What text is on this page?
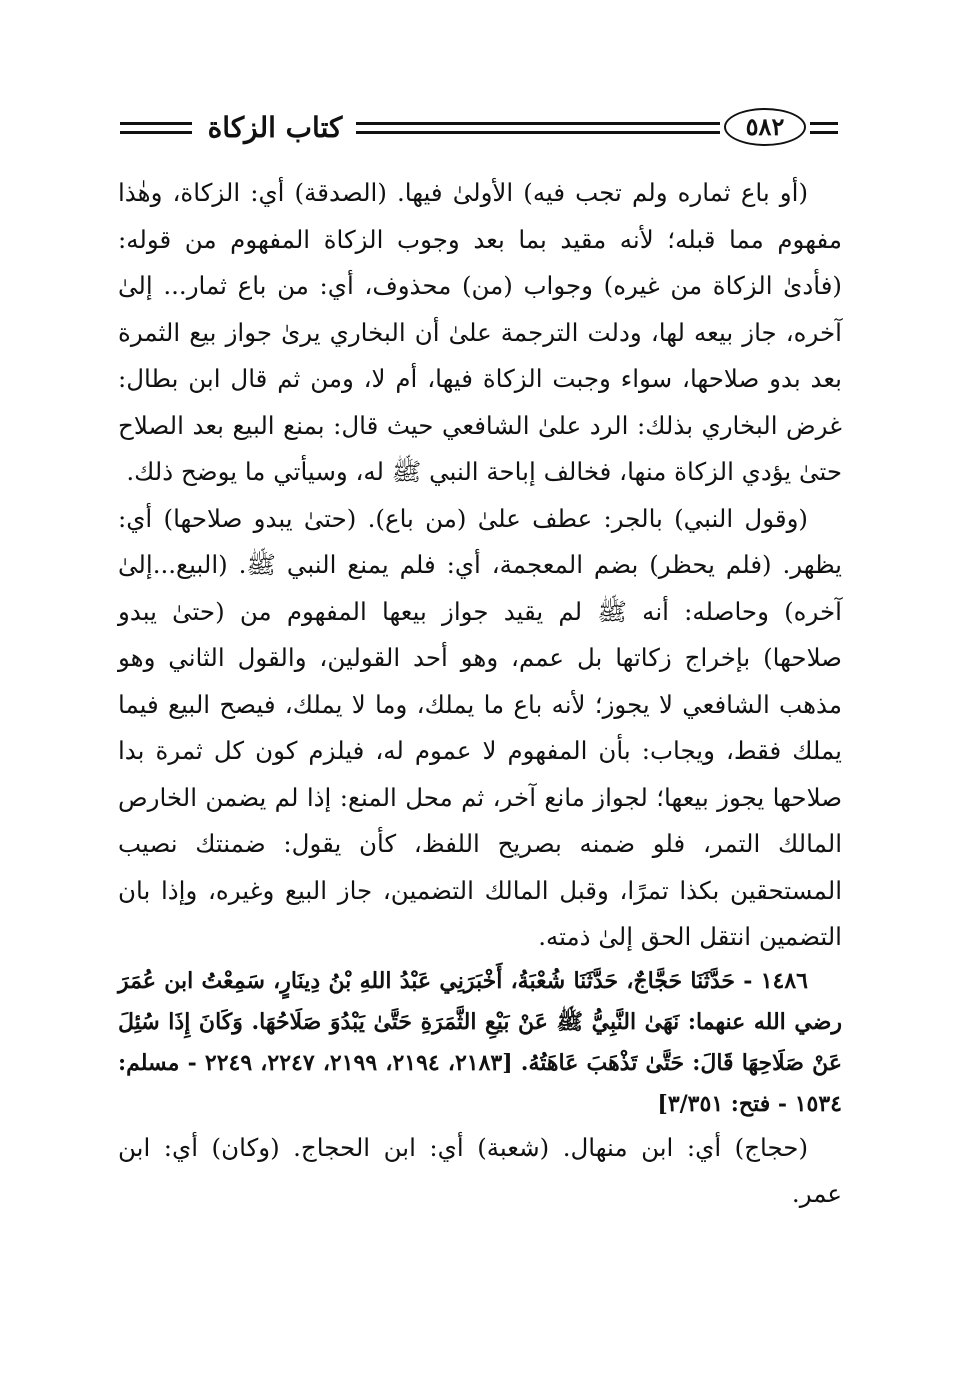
كتاب الزكاة	٥٨٢

(أو باع ثماره ولم تجب فيه) الأولىٰ فيها. (الصدقة) أي: الزكاة، وهٰذا مفهوم مما قبله؛ لأنه مقيد بما بعد وجوب الزكاة المفهوم من قوله: (فأدىٰ الزكاة من غيره) وجواب (من) محذوف، أي: من باع ثمار... إلىٰ آخره، جاز بيعه لها، ودلت الترجمة علىٰ أن البخاري يرىٰ جواز بيع الثمرة بعد بدو صلاحها، سواء وجبت الزكاة فيها، أم لا، ومن ثم قال ابن بطال: غرض البخاري بذلك: الرد علىٰ الشافعي حيث قال: بمنع البيع بعد الصلاح حتىٰ يؤدي الزكاة منها، فخالف إباحة النبي ﷺ له، وسيأتي ما يوضح ذلك.

(وقول النبي) بالجر: عطف علىٰ (من باع). (حتىٰ يبدو صلاحها) أي: يظهر. (فلم يحظر) بضم المعجمة، أي: فلم يمنع النبي ﷺ. (البيع...إلىٰ آخره) وحاصله: أنه ﷺ لم يقيد جواز بيعها المفهوم من (حتىٰ يبدو صلاحها) بإخراج زكاتها بل عمم، وهو أحد القولين، والقول الثاني وهو مذهب الشافعي لا يجوز؛ لأنه باع ما يملك، وما لا يملك، فيصح البيع فيما يملك فقط، ويجاب: بأن المفهوم لا عموم له، فيلزم كون كل ثمرة بدا صلاحها يجوز بيعها؛ لجواز مانع آخر، ثم محل المنع: إذا لم يضمن الخارص المالك التمر، فلو ضمنه بصريح اللفظ، كأن يقول: ضمنتك نصيب المستحقين بكذا تمرًا، وقبل المالك التضمين، جاز البيع وغيره، وإذا بان التضمين انتقل الحق إلىٰ ذمته.

١٤٨٦ - حَدَّثَنَا حَجَّاجٌ، حَدَّثَنَا شُعْبَةُ، أَخْبَرَنِي عَبْدُ اللهِ بْنُ دِينَارٍ، سَمِعْتُ ابن عُمَرَ رضي الله عنهما: نَهَىٰ النَّبِيُّ ﷺ عَنْ بَيْعِ الثَّمَرَةِ حَتَّىٰ يَبْدُوَ صَلَاحُهَا. وَكَانَ إِذَا سُئِلَ عَنْ صَلَاحِهَا قَالَ: حَتَّىٰ تَذْهَبَ عَاهَتُهُ. [٢١٨٣، ٢١٩٤، ٢١٩٩، ٢٢٤٧، ٢٢٤٩ - مسلم: ١٥٣٤ - فتح: ٣/٣٥١]

(حجاج) أي: ابن منهال. (شعبة) أي: ابن الحجاج. (وكان) أي: ابن عمر.
